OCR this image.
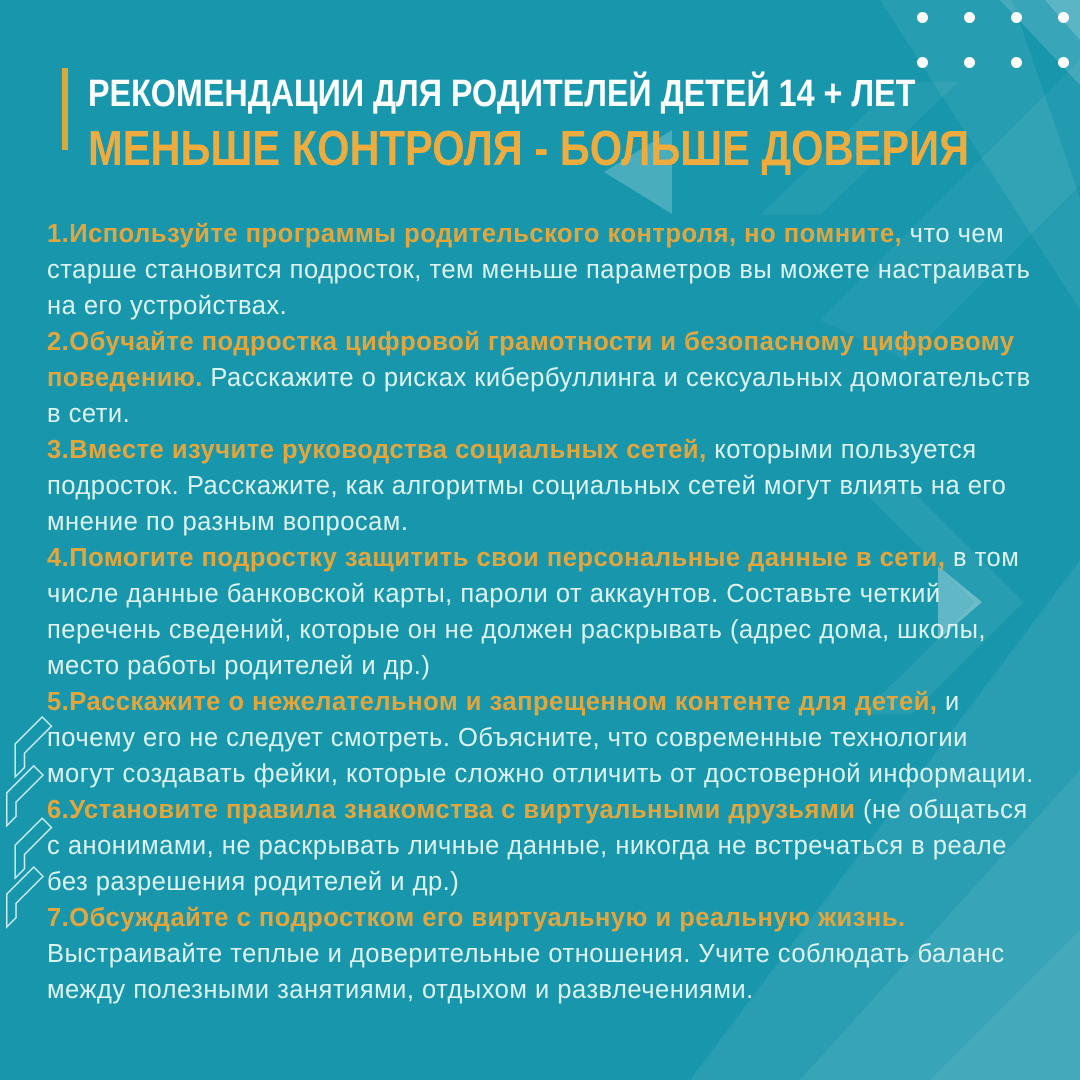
РЕКОМЕНДАЦИИ ДЛЯ РОДИТЕЛЕЙ ДЕТЕЙ 14 + ЛЕТ
МЕНЬШЕ КОНТРОЛЯ - БОЛЬШЕ ДОВЕРИЯ

1.Используйте программы родительского контроля, но помните, что чем старше становится подросток, тем меньше параметров вы можете настраивать на его устройствах.

2.Обучайте подростка цифровой грамотности и безопасному цифровому поведению. Расскажите о рисках кибербуллинга и сексуальных домогательств в сети.

3.Вместе изучите руководства социальных сетей, которыми пользуется подросток. Расскажите, как алгоритмы социальных сетей могут влиять на его мнение по разным вопросам.

4.Помогите подростку защитить свои персональные данные в сети, в том числе данные банковской карты, пароли от аккаунтов. Составьте четкий перечень сведений, которые он не должен раскрывать (адрес дома, школы, место работы родителей и др.)

5.Расскажите о нежелательном и запрещенном контенте для детей, и почему его не следует смотреть. Объясните, что современные технологии могут создавать фейки, которые сложно отличить от достоверной информации.

6.Установите правила знакомства с виртуальными друзьями (не общаться с анонимами, не раскрывать личные данные, никогда не встречаться в реале без разрешения родителей и др.)

7.Обсуждайте с подростком его виртуальную и реальную жизнь. Выстраивайте теплые и доверительные отношения. Учите соблюдать баланс между полезными занятиями, отдыхом и развлечениями.
